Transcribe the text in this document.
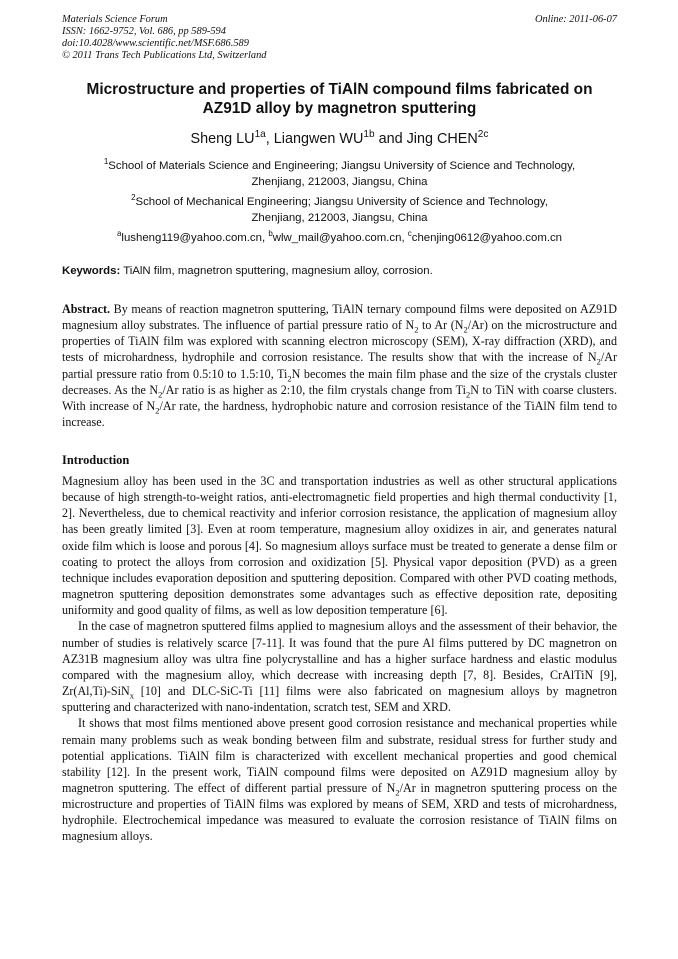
Materials Science Forum
ISSN: 1662-9752, Vol. 686, pp 589-594
doi:10.4028/www.scientific.net/MSF.686.589
© 2011 Trans Tech Publications Ltd, Switzerland
Online: 2011-06-07
Microstructure and properties of TiAlN compound films fabricated on AZ91D alloy by magnetron sputtering
Sheng $LU^{1a}$, Liangwen $WU^{1b}$ and Jing $CHEN^{2c}$
$^1$School of Materials Science and Engineering; Jiangsu University of Science and Technology,
Zhenjiang, 212003, Jiangsu, China
$^2$School of Mechanical Engineering; Jiangsu University of Science and Technology,
Zhenjiang, 212003, Jiangsu, China
$^a$lusheng119@yahoo.com.cn, $^b$wlw_mail@yahoo.com.cn, $^c$chenjing0612@yahoo.com.cn
Keywords: TiAlN film, magnetron sputtering, magnesium alloy, corrosion.
Abstract. By means of reaction magnetron sputtering, TiAlN ternary compound films were deposited on AZ91D magnesium alloy substrates. The influence of partial pressure ratio of $N_2$ to Ar $(N_2/Ar)$ on the microstructure and properties of TiAlN film was explored with scanning electron microscopy (SEM), X-ray diffraction (XRD), and tests of microhardness, hydrophile and corrosion resistance. The results show that with the increase of $N_2/Ar$ partial pressure ratio from 0.5:10 to 1.5:10, $Ti_2N$ becomes the main film phase and the size of the crystals cluster decreases. As the $N_2/Ar$ ratio is as higher as 2:10, the film crystals change from $Ti_2N$ to TiN with coarse clusters. With increase of $N_2/Ar$ rate, the hardness, hydrophobic nature and corrosion resistance of the TiAlN film tend to increase.
Introduction

Magnesium alloy has been used in the 3C and transportation industries as well as other structural applications because of high strength-to-weight ratios, anti-electromagnetic field properties and high thermal conductivity [1, 2]. Nevertheless, due to chemical reactivity and inferior corrosion resistance, the application of magnesium alloy has been greatly limited [3]. Even at room temperature, magnesium alloy oxidizes in air, and generates natural oxide film which is loose and porous [4]. So magnesium alloys surface must be treated to generate a dense film or coating to protect the alloys from corrosion and oxidization [5]. Physical vapor deposition (PVD) as a green technique includes evaporation deposition and sputtering deposition. Compared with other PVD coating methods, magnetron sputtering deposition demonstrates some advantages such as effective deposition rate, depositing uniformity and good quality of films, as well as low deposition temperature [6].

In the case of magnetron sputtered films applied to magnesium alloys and the assessment of their behavior, the number of studies is relatively scarce [7-11]. It was found that the pure Al films puttered by DC magnetron on AZ31B magnesium alloy was ultra fine polycrystalline and has a higher surface hardness and elastic modulus compared with the magnesium alloy, which decrease with increasing depth [7, 8]. Besides, CrAlTiN [9], Zr(Al,Ti)-SiN$_x$ [10] and DLC-SiC-Ti [11] films were also fabricated on magnesium alloys by magnetron sputtering and characterized with nano-indentation, scratch test, SEM and XRD.

It shows that most films mentioned above present good corrosion resistance and mechanical properties while remain many problems such as weak bonding between film and substrate, residual stress for further study and potential applications. TiAlN film is characterized with excellent mechanical properties and good chemical stability [12]. In the present work, TiAlN compound films were deposited on AZ91D magnesium alloy by magnetron sputtering. The effect of different partial pressure of $N_2/Ar$ in magnetron sputtering process on the microstructure and properties of TiAlN films was explored by means of SEM, XRD and tests of microhardness, hydrophile. Electrochemical impedance was measured to evaluate the corrosion resistance of TiAlN films on magnesium alloys.
